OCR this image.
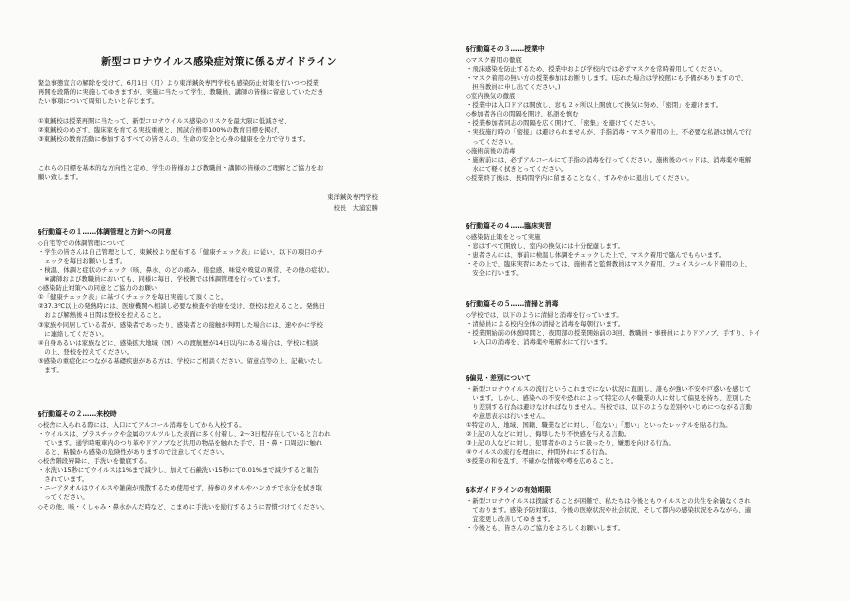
新型コロナウイルス感染症対策に係るガイドライン
緊急事態宣言の解除を受けて、6月1日（月）より東洋鍼灸専門学校も感染防止対策を行いつつ授業
再開を段階的に実施してゆきますが、実施に当たって学生、教職員、講師の皆様に留意していただき
たい事項について周知したいと存じます。
①東鍼校は授業再開に当たって、新型コロナウイルス感染のリスクを最大限に低減させ、
②東鍼校のめざす、臨床家を育てる実技重視と、国試合格率100%の教育目標を掲げ、
③東鍼校の教育活動に参加するすべての皆さんの、生命の安全と心身の健康を全力で守ります。
これらの目標を基本的な方向性と定め、学生の皆様および教職員・講師の皆様のご理解とご協力をお
願い致します。
東洋鍼灸専門学校
校長　大浦宏勝
§行動篇その１……体調管理と方針への同意
◇自宅等での体調管理について
・学生の皆さんは自己管理として、東鍼校より配布する「健康チェック表」に従い、以下の項目のチ
　ェックを毎日お願いします。
・検温、体調と症状のチェック（咳、鼻水、のどの痛み、倦怠感、味覚や嗅覚の異常、その他の症状）。
　※講師および教職員においても、同様に毎日、学校側では体調管理を行っています。
◇感染防止対策への同意とご協力のお願い
①「健康チェック表」に基づくチェックを毎日実施して頂くこと。
②37.3℃以上の発熱時には、医療機関へ相談し必要な検査や治療を受け、登校は控えること。発熱日
　および解熱後４日間は登校を控えること。
③家族や同居している者が、感染者であったり、感染者との接触が判明した場合には、速やかに学校
　に連絡してください。
④自身あるいは家族などに、感染拡大地域（国）への渡航歴が14日以内にある場合は、学校に相談
　の上、登校を控えてください。
⑤感染の重症化につながる基礎疾患がある方は、学校にご相談ください。留意点等の上、記載いたし
　ます。
§行動篇その２……来校時
◇校舎に入られる際には、入口にてアルコール消毒をしてから入校する。
・ウイルスは、プラスチックや金属のツルツルした表面に多く付着し、2～3日程存在していると言われ
　ています。通学時電車内のつり革やドアノブなど共用の物品を触れた手で、目・鼻・口周辺に触れ
　ると、粘膜から感染の危険性がありますので注意してください。
◇校舎階段昇降に、手洗いを徹底する。
・水洗い15秒にてウイルスは1%まで減少し、加えて石鹸洗い15秒にて0.01%まで減少すると報告
　されています。
・ニーアタオルはウイルスや雑菌が飛散するため使用せず、持参のタオルやハンカチで水分を拭き取
　ってください。
◇その他、咳・くしゃみ・鼻水かんだ時など、こまめに手洗いを励行するように習慣づけてください。
§行動篇その３……授業中
◇マスク着用の徹底
・飛沫感染を防止するため、授業中および学校内では必ずマスクを常時着用してください。
・マスク着用の無い方の授業参加はお断りします。(忘れた場合は学校館にも予備がありますので、
　担当教員に申し出てください。)
◇室内換気の徹底
・授業中は入口ドアは開放し、窓も２ヶ所以上開放して換気に努め、「密閉」を避けます。
◇参加者各自の間隔を開け、私語を慎む
・授業参加者同志の間隔を広く開けて、「密集」を避けてください。
・実技施行時の「密接」は避けられませんが、手指消毒・マスク着用の上、不必要な私語は慎んで行
　ってください。
◇施術前後の消毒
・施術前には、必ずアルコールにて手指の消毒を行ってください。施術後のベッドは、消毒薬や電解
　水にて軽く拭きとってください。
◇授業終了後は、長時間学内に留まることなく、すみやかに退出してください。
§行動篇その４……臨床実習
◇感染防止策をとって実施
・窓はすべて開放し、室内の換気には十分配慮します。
・患者さんには、事前に検温し体調をチェックした上で、マスク着用で臨んでもらいます。
・その上で、臨床実習にあたっては、施術者と監督教員はマスク着用、フェイスシールド着用の上、
　安全に行います。
§行動篇その５……清掃と消毒
◇学校では、以下のように清掃と消毒を行っています。
・清掃員による校内全体の清掃と消毒を毎朝行います。
・授業開始前の休憩時間と、夜間部の授業開始前の3回、教職員・事務員によりドアノブ、手すり、トイ
　レ入口の消毒を、消毒薬や電解水にて行います。
§偏見・差別について
・新型コロナウイルスの流行というこれまでにない状況に直面し、誰もが強い不安や戸惑いを感じて
　います。しかし、感染への不安や恐れによって特定の人や職業の人に対して偏見を持ち、差別した
　り差別する行為は避けなければなりません。当校では、以下のような差別やいじめにつながる言動
　や意思表示は行いません。
①特定の人、地域、国籍、職業などに対し、「危ない」「悪い」といったレッテルを貼る行為。
②上記の人などに対し、侮辱したり不快感を与える言動。
③上記の人などに対し、犯罪者かのように扱ったり、嫌悪を向ける行為。
④ウイルスの流行を理由に、仲間外れにする行為。
⑤授業の和を乱す、不確かな情報や噂を広めること。
§本ガイドラインの有効期限
・新型コロナウイルスは撲滅することが困難で、私たちは今後ともウイルスとの共生を余儀なくされ
　ております。感染予防対策は、今後の医療状況や社会状況、そして都内の感染状況をみながら、適
　宜変更し改善してゆきます。
・今後とも、皆さんのご協力をよろしくお願いします。
